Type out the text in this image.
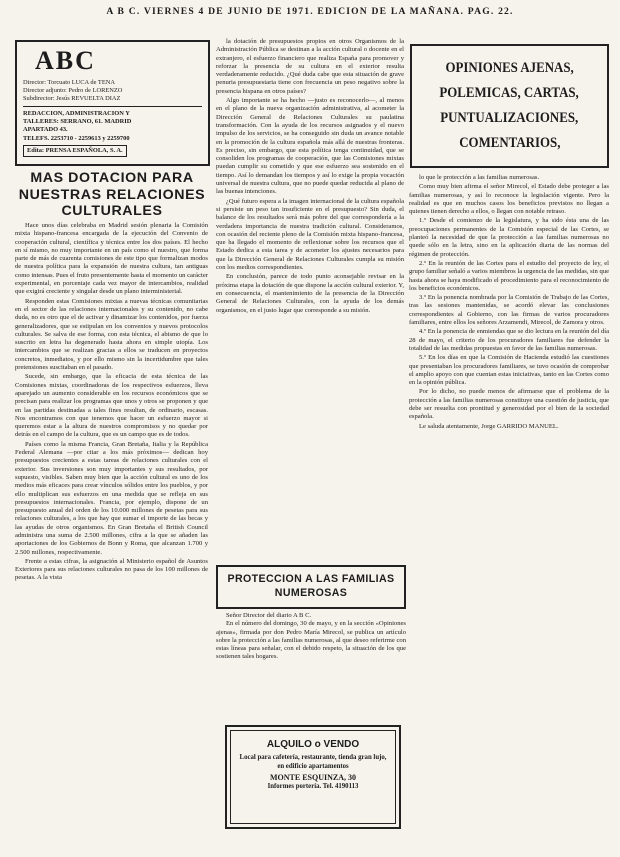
A B C. VIERNES 4 DE JUNIO DE 1971. EDICION DE LA MAÑANA. PAG. 22.
ABC
Director: Torcuato LUCA de TENA
Director adjunto: Pedro de LORENZO
Subdirector: Jesús REVUELTA DIAZ
REDACCION, ADMINISTRACION Y
TALLERES: SERRANO, 61. MADRID
APARTADO 43.
TELEFS. 2253710 - 2259613 y 2259700
Edita: PRENSA ESPAÑOLA, S. A.
MAS DOTACION PARA
NUESTRAS RELACIONES
CULTURALES

Hace unos días celebraba en Madrid sesión plenaria la Comisión mixta hispano-francesa encargada de la ejecución del Convenio de cooperación cultural, científica y técnica entre los dos países. El hecho en sí mismo, no muy importante en un país como el nuestro, que forma parte de más de cuarenta comisiones de este tipo que formalizan modos de nuestra política para la expansión de nuestra cultura, tan antiguas como intensas. Pues el fruto presentemente hasta el momento un carácter experimental, en porcentaje cada vez mayor de intercambios, realidad que exigirá creciente y singular desde un plano interministerial.

Responden estas Comisiones mixtas a nuevas técnicas comunitarias en el sector de las relaciones internacionales y su contenido, no cabe duda, no es otro que el de activar y dinamizar los contenidos, por fuerza generalizadores, que se estipulan en los convenios y nuevos protocolos culturales. Se salva de ese forma, con esta técnica, el abismo de que lo suscrito en letra ha degenerado hasta ahora en simple utopía. Los intercambios que se realizan gracias a ellos se traducen en proyectos concretos, inmediatos, y por ello mismo sin la incertidumbre que tales pretensiones suscitaban en el pasado.

Sucede, sin embargo, que la eficacia de esta técnica de las Comisiones mixtas, coordinadoras de los respectivos esfuerzos, lleva aparejado un aumento considerable en los recursos económicos que se precisan para realizar los programas que unos y otros se proponen y que en las partidas destinadas a tales fines resultan, de ordinario, escasas. Nos encontramos con que tenemos que hacer un esfuerzo mayor si queremos estar a la altura de nuestros compromisos y no quedar por detrás en el campo de la cultura, que es un campo que es de todos.

Países como la misma Francia, Gran Bretaña, Italia y la República Federal Alemana —por citar a los más próximos— dedican hoy presupuestos crecientes a estas tareas de relaciones culturales con el exterior. Sus inversiones son muy importantes y sus resultados, por supuesto, visibles. Saben muy bien que la acción cultural es uno de los medios más eficaces para crear vínculos sólidos entre los pueblos, y por ello multiplican sus esfuerzos en una medida que se refleja en sus presupuestos internacionales. Francia, por ejemplo, dispone de un presupuesto anual del orden de los 10.000 millones de pesetas para sus relaciones culturales, a los que hay que sumar el importe de las becas y las ayudas de otros organismos. En Gran Bretaña el British Council administra una suma de 2.500 millones, cifra a la que se añaden las aportaciones de los Gobiernos de Bonn y Roma, que alcanzan 1.700 y 2.500 millones, respectivamente.

Frente a estas cifras, la asignación al Ministerio español de Asuntos Exteriores para sus relaciones culturales no pasa de los 100 millones de pesetas. A la vista

la dotación de presupuestos propios en otros Organismos de la Administración Pública se destinan a la acción cultural o docente en el extranjero, el esfuerzo financiero que realiza España para promover y reforzar la presencia de su cultura en el exterior resulta verdaderamente reducido. ¿Qué duda cabe que esta situación de grave penuria presupuestaria tiene con frecuencia un peso negativo sobre la presencia hispana en otros países?

Algo importante se ha hecho —justo es reconocerlo—, al menos en el plano de la nueva organización administrativa, al acometer la Dirección General de Relaciones Culturales su paulatina transformación. Con la ayuda de los recursos asignados y el nuevo impulso de los servicios, se ha conseguido sin duda un avance notable en la promoción de la cultura española más allá de nuestras fronteras. Es preciso, sin embargo, que esta política tenga continuidad, que se consoliden los programas de cooperación, que las Comisiones mixtas puedan cumplir su cometido y que ese esfuerzo sea sostenido en el tiempo. Así lo demandan los tiempos y así lo exige la propia vocación universal de nuestra cultura, que no puede quedar reducida al plano de las buenas intenciones.

¿Qué futuro espera a la imagen internacional de la cultura española si persiste un peso tan insuficiente en el presupuesto? Sin duda, el balance de los resultados será más pobre del que correspondería a la verdadera importancia de nuestra tradición cultural. Consideramos, con ocasión del reciente pleno de la Comisión mixta hispano-francesa, que ha llegado el momento de reflexionar sobre los recursos que el Estado dedica a esta tarea y de acometer los ajustes necesarios para que la Dirección General de Relaciones Culturales cumpla su misión con los medios correspondientes.

En conclusión, parece de todo punto aconsejable revisar en la próxima etapa la dotación de que dispone la acción cultural exterior. Y, en consecuencia, el mantenimiento de la presencia de la Dirección General de Relaciones Culturales, con la ayuda de los demás organismos, en el justo lugar que corresponde a su misión.

PROTECCION A LAS FAMILIAS
NUMEROSAS

Señor Director del diario A B C.

En el número del domingo, 30 de mayo, y en la sección «Opiniones ajenas», firmada por don Pedro María Mirecol, se publica un artículo sobre la protección a las familias numerosas, al que deseo referirme con estas líneas para señalar, con el debido respeto, la situación de los que sostienen tales hogares.

ALQUILO o VENDO
Local para cafetería, restaurante, tienda gran lujo, en edificio apartamentos
MONTE ESQUINZA, 30
Informes portería. Tel. 4190113
OPINIONES AJENAS,
POLEMICAS, CARTAS,
PUNTUALIZACIONES,
COMENTARIOS,

lo que le protección a las familias numerosas.

Como muy bien afirma el señor Mirecol, el Estado debe proteger a las familias numerosas, y así lo reconoce la legislación vigente. Pero la realidad es que en muchos casos los beneficios previstos no llegan a quienes tienen derecho a ellos, o llegan con notable retraso.

1.º Desde el comienzo de la legislatura, y ha sido ésta una de las preocupaciones permanentes de la Comisión especial de las Cortes, se planteó la necesidad de que la protección a las familias numerosas no quede sólo en la letra, sino en la aplicación diaria de las normas del régimen de protección.

2.º En la reunión de las Cortes para el estudio del proyecto de ley, el grupo familiar señaló a varios miembros la urgencia de las medidas, sin que hasta ahora se haya modificado el procedimiento para el reconocimiento de los beneficios económicos.

3.º En la ponencia nombrada por la Comisión de Trabajo de las Cortes, tras las sesiones mantenidas, se acordó elevar las conclusiones correspondientes al Gobierno, con las firmas de varios procuradores familiares, entre ellos los señores Arzamendi, Mirecol, de Zamora y otros.

4.º En la ponencia de enmiendas que se dio lectura en la reunión del día 28 de mayo, el criterio de los procuradores familiares fue defender la totalidad de las medidas propuestas en favor de las familias numerosas.

5.º En los días en que la Comisión de Hacienda estudió las cuestiones que presentaban los procuradores familiares, se tuvo ocasión de comprobar el amplio apoyo con que cuentan estas iniciativas, tanto en las Cortes como en la opinión pública.

Por lo dicho, no puede menos de afirmarse que el problema de la protección a las familias numerosas constituye una cuestión de justicia, que debe ser resuelta con prontitud y generosidad por el bien de la sociedad española.

Le saluda atentamente, Jorge GARRIDO MANUEL.
